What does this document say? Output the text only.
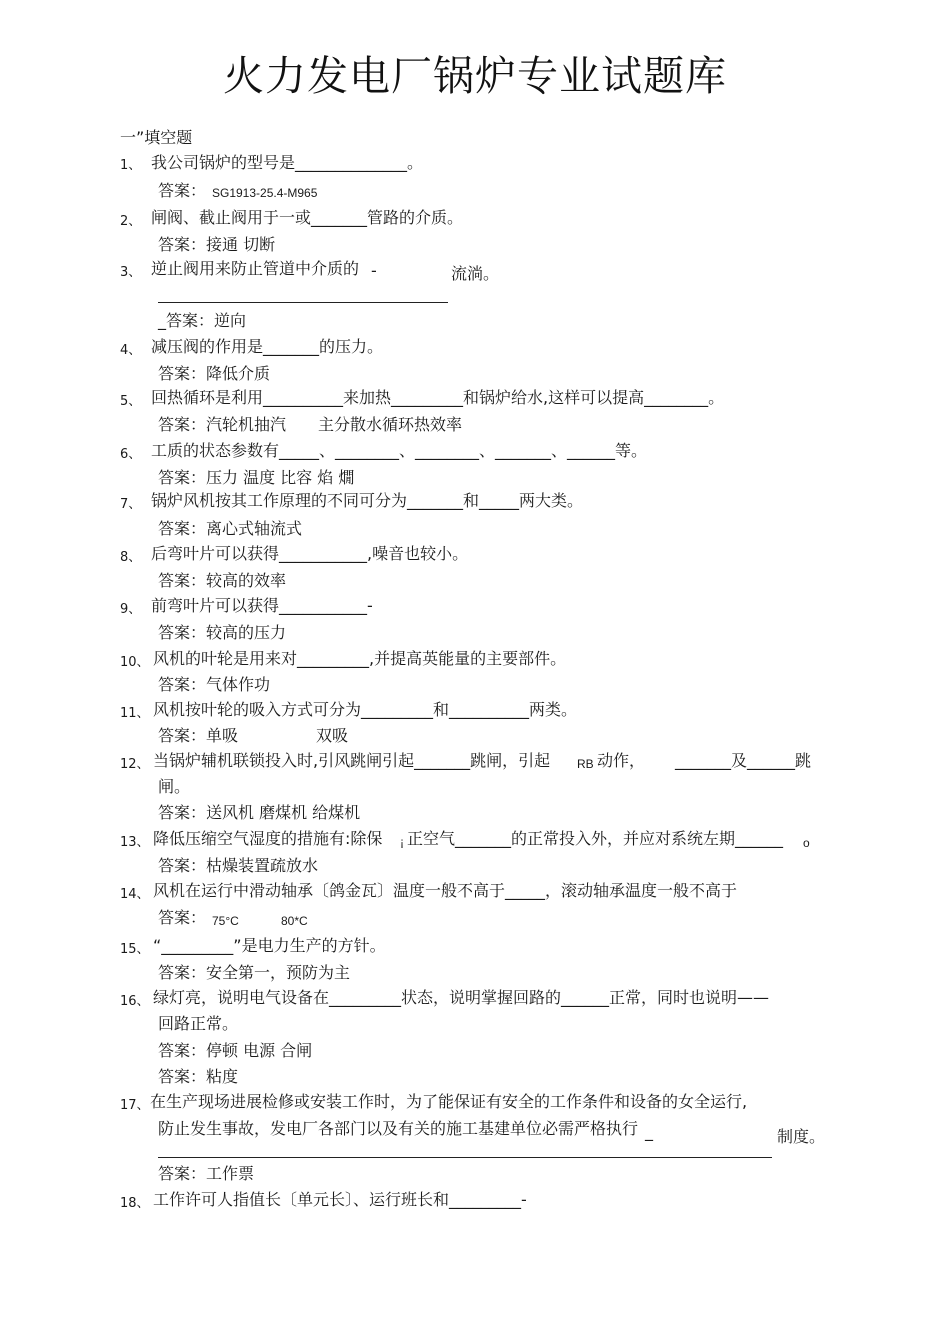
火力发电厂锅炉专业试题库
一”填空题
1、 我公司锅炉的型号是______________。
答案： SG1913-25.4-M965
2、 闸阀、截止阀用于一或_______管路的介质。
答案：接通 切断
3、 逆止阀用来防止管道中介质的 -	流淌。
_答案：逆向
4、 减压阀的作用是_______的压力。
答案：降低介质
5、 回热循环是利用__________来加热_________和锅炉给水,这样可以提高________。
答案：汽轮机抽汽　　主分散水循环热效率
6、 工质的状态参数有_____、________、________、_______、______等。
答案：压力 温度 比容 焰 燗
7、 锅炉风机按其工作原理的不同可分为_______和_____两大类。
答案：离心式轴流式
8、 后弯叶片可以获得___________,噪音也较小。
答案：较高的效率
9、 前弯叶片可以获得___________-
答案：较高的压力
10、 风机的叶轮是用来对_________,并提高英能量的主要部件。
答案：气体作功
11、 风机按叶轮的吸入方式可分为_________和__________两类。
答案：单吸	双吸
12、 当锅炉辅机联锁投入时,引风跳闸引起_______跳闸，引起 RB 动作， _______及______跳
闸。
答案：送风机 磨煤机 给煤机
13、 降低压缩空气湿度的措施有:除保 ¡ 正空气_______的正常投入外，并应对系统左期______ o
答案：枯燥装置疏放水
14、 风机在运行中滑动轴承〔鸽金瓦〕温度一般不高于_____，滚动轴承温度一般不高于
答案： 75°C	80*C
15、 “_________”是电力生产的方针。
答案：安全第一，预防为主
16、 绿灯亮，说明电气设备在_________状态，说明掌握回路的______正常，同时也说明——
回路正常。
答案：停顿 电源 合闸
答案：粘度
17、 在生产现场进展检修或安装工作时，为了能保证有安全的工作条件和设备的女全运行,
防止发生事故，发电厂各部门以及有关的施工基建单位必需严格执行 _	制度。
答案：工作票
18、 工作许可人指值长〔单元长〕、运行班长和_________-
